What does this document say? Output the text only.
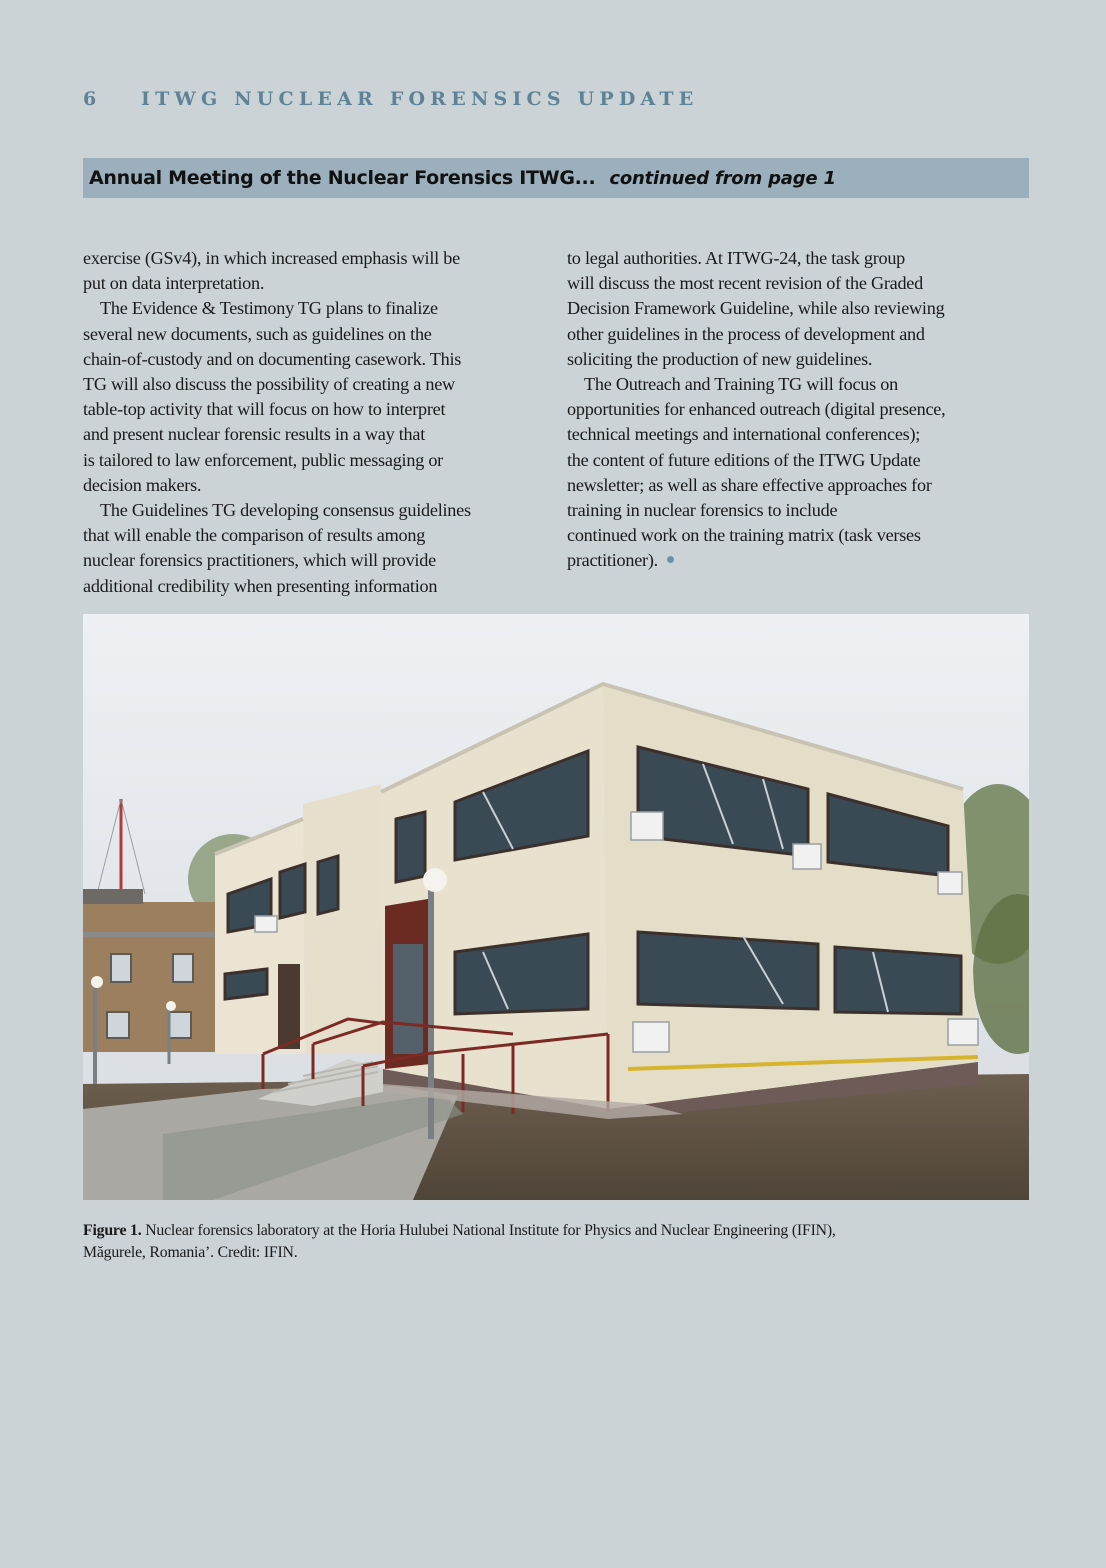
6 ITWG NUCLEAR FORENSICS UPDATE
Annual Meeting of the Nuclear Forensics ITWG... continued from page 1
exercise (GSv4), in which increased emphasis will be
put on data interpretation.
The Evidence & Testimony TG plans to finalize
several new documents, such as guidelines on the
chain-of-custody and on documenting casework. This
TG will also discuss the possibility of creating a new
table-top activity that will focus on how to interpret
and present nuclear forensic results in a way that
is tailored to law enforcement, public messaging or
decision makers.
The Guidelines TG developing consensus guidelines
that will enable the comparison of results among
nuclear forensics practitioners, which will provide
additional credibility when presenting information
to legal authorities. At ITWG-24, the task group
will discuss the most recent revision of the Graded
Decision Framework Guideline, while also reviewing
other guidelines in the process of development and
soliciting the production of new guidelines.
The Outreach and Training TG will focus on
opportunities for enhanced outreach (digital presence,
technical meetings and international conferences);
the content of future editions of the ITWG Update
newsletter; as well as share effective approaches for
training in nuclear forensics to include
continued work on the training matrix (task verses
practitioner).
Figure 1. Nuclear forensics laboratory at the Horia Hulubei National Institute for Physics and Nuclear Engineering (IFIN),
Măgurele, Romania’. Credit: IFIN.
